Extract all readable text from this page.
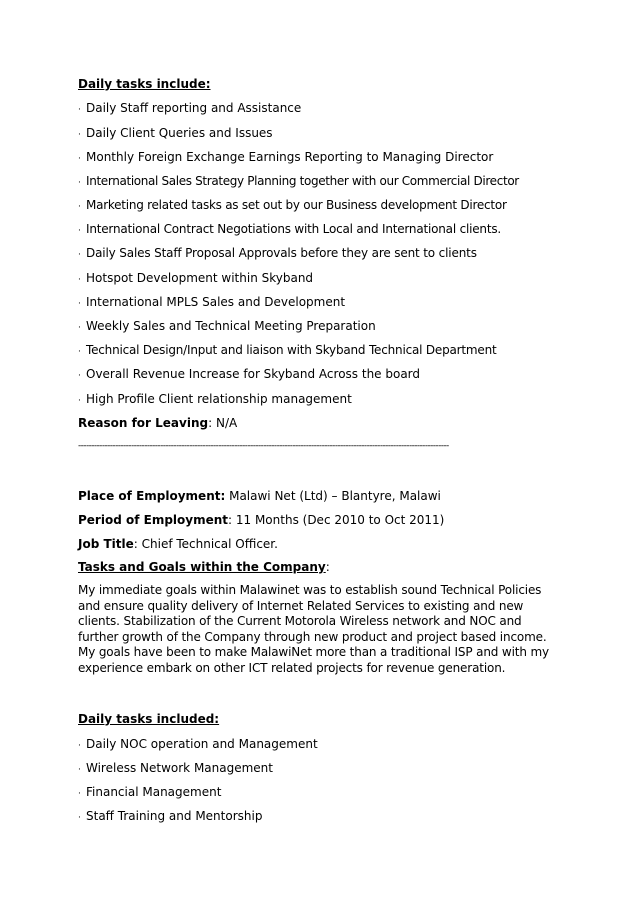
Daily tasks include:
· Daily Staff reporting and Assistance
· Daily Client Queries and Issues
· Monthly Foreign Exchange Earnings Reporting to Managing Director
· International Sales Strategy Planning together with our Commercial Director
· Marketing related tasks as set out by our Business development Director
· International Contract Negotiations with Local and International clients.
· Daily Sales Staff Proposal Approvals before they are sent to clients
· Hotspot Development within Skyband
· International MPLS Sales and Development
· Weekly Sales and Technical Meeting Preparation
· Technical Design/Input and liaison with Skyband Technical Department
· Overall Revenue Increase for Skyband Across the board
· High Profile Client relationship management
Reason for Leaving: N/A
--------------------------------------------------------------------------------------------------------------------------------------------
Place of Employment: Malawi Net (Ltd) – Blantyre, Malawi
Period of Employment: 11 Months (Dec 2010 to Oct 2011)
Job Title: Chief Technical Officer.
Tasks and Goals within the Company:
My immediate goals within Malawinet was to establish sound Technical Policies and ensure quality delivery of Internet Related Services to existing and new clients. Stabilization of the Current Motorola Wireless network and NOC and further growth of the Company through new product and project based income. My goals have been to make MalawiNet more than a traditional ISP and with my experience embark on other ICT related projects for revenue generation.
Daily tasks included:
· Daily NOC operation and Management
· Wireless Network Management
· Financial Management
· Staff Training and Mentorship
